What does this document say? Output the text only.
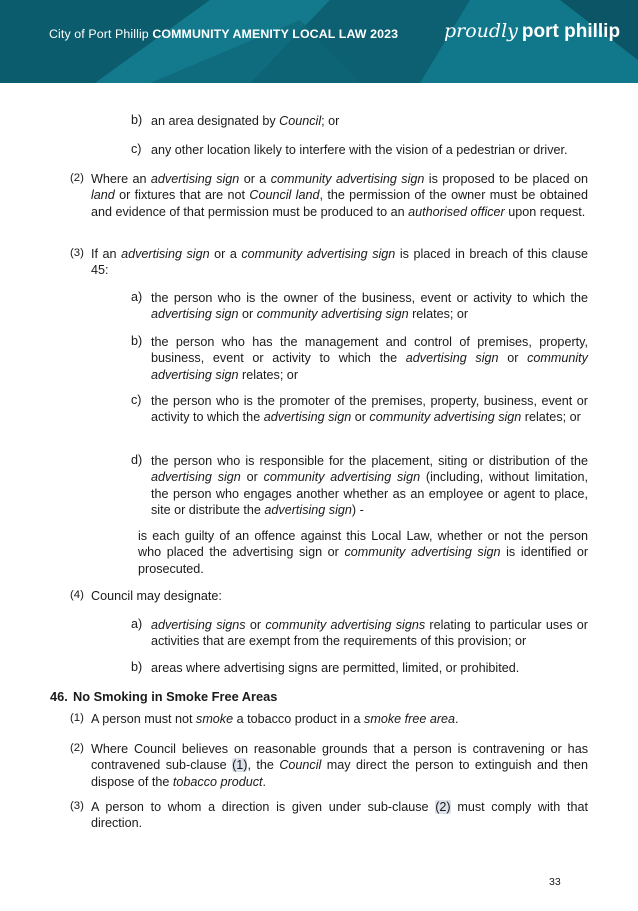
City of Port Phillip COMMUNITY AMENITY LOCAL LAW 2023 proudly port phillip
b) an area designated by Council; or
c) any other location likely to interfere with the vision of a pedestrian or driver.
(2) Where an advertising sign or a community advertising sign is proposed to be placed on land or fixtures that are not Council land, the permission of the owner must be obtained and evidence of that permission must be produced to an authorised officer upon request.
(3) If an advertising sign or a community advertising sign is placed in breach of this clause 45:
a) the person who is the owner of the business, event or activity to which the advertising sign or community advertising sign relates; or
b) the person who has the management and control of premises, property, business, event or activity to which the advertising sign or community advertising sign relates; or
c) the person who is the promoter of the premises, property, business, event or activity to which the advertising sign or community advertising sign relates; or
d) the person who is responsible for the placement, siting or distribution of the advertising sign or community advertising sign (including, without limitation, the person who engages another whether as an employee or agent to place, site or distribute the advertising sign) -
is each guilty of an offence against this Local Law, whether or not the person who placed the advertising sign or community advertising sign is identified or prosecuted.
(4) Council may designate:
a) advertising signs or community advertising signs relating to particular uses or activities that are exempt from the requirements of this provision; or
b) areas where advertising signs are permitted, limited, or prohibited.
46. No Smoking in Smoke Free Areas
(1) A person must not smoke a tobacco product in a smoke free area.
(2) Where Council believes on reasonable grounds that a person is contravening or has contravened sub-clause (1), the Council may direct the person to extinguish and then dispose of the tobacco product.
(3) A person to whom a direction is given under sub-clause (2) must comply with that direction.
33
